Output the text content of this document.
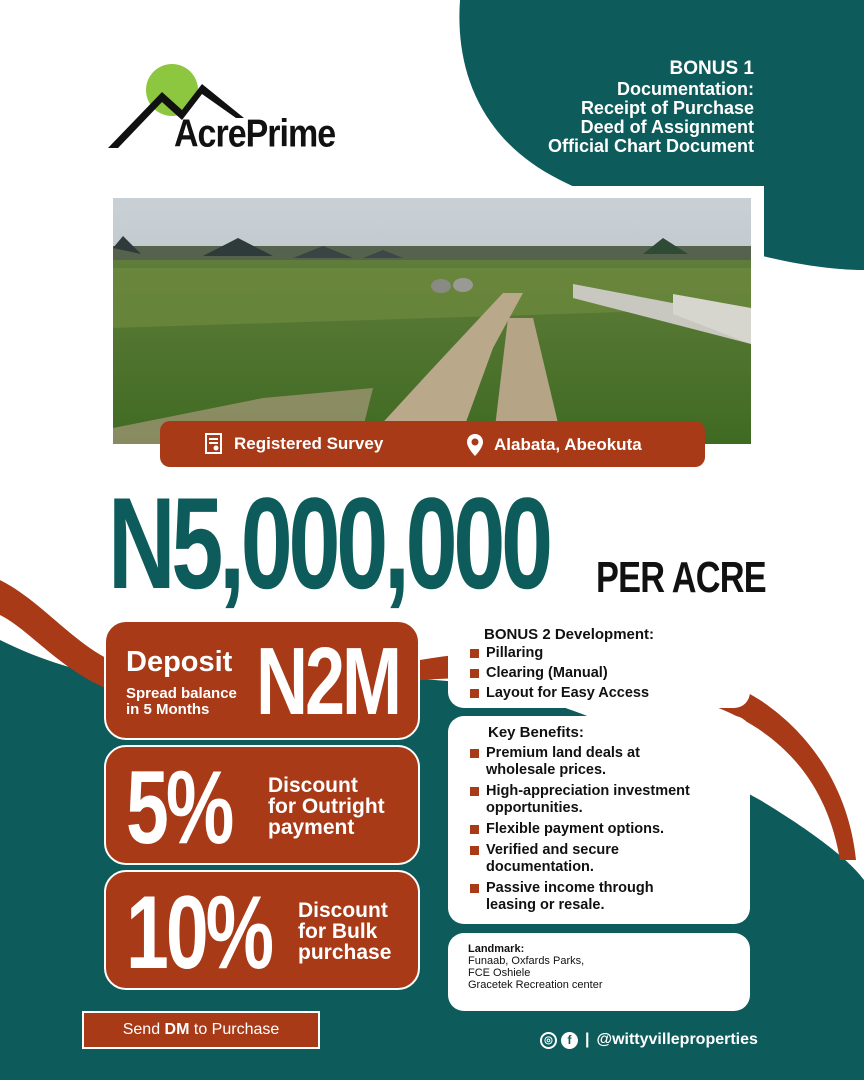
AcrePrime
BONUS 1
Documentation:
Receipt of Purchase
Deed of Assignment
Official Chart Document
Registered Survey	Alabata, Abeokuta
N5,000,000 PER ACRE
Deposit
Spread balance
in 5 Months N2M
5% Discount
for Outright
payment
10% Discount
for Bulk
purchase
BONUS 2 Development:
Pillaring
Clearing (Manual)
Layout for Easy Access
Key Benefits:
Premium land deals at
wholesale prices.
High-appreciation investment
opportunities.
Flexible payment options.
Verified and secure
documentation.
Passive income through
leasing or resale.
Landmark:
Funaab, Oxfards Parks,
FCE Oshiele
Gracetek Recreation center
Send DM to Purchase
◎	f | @wittyvilleproperties
